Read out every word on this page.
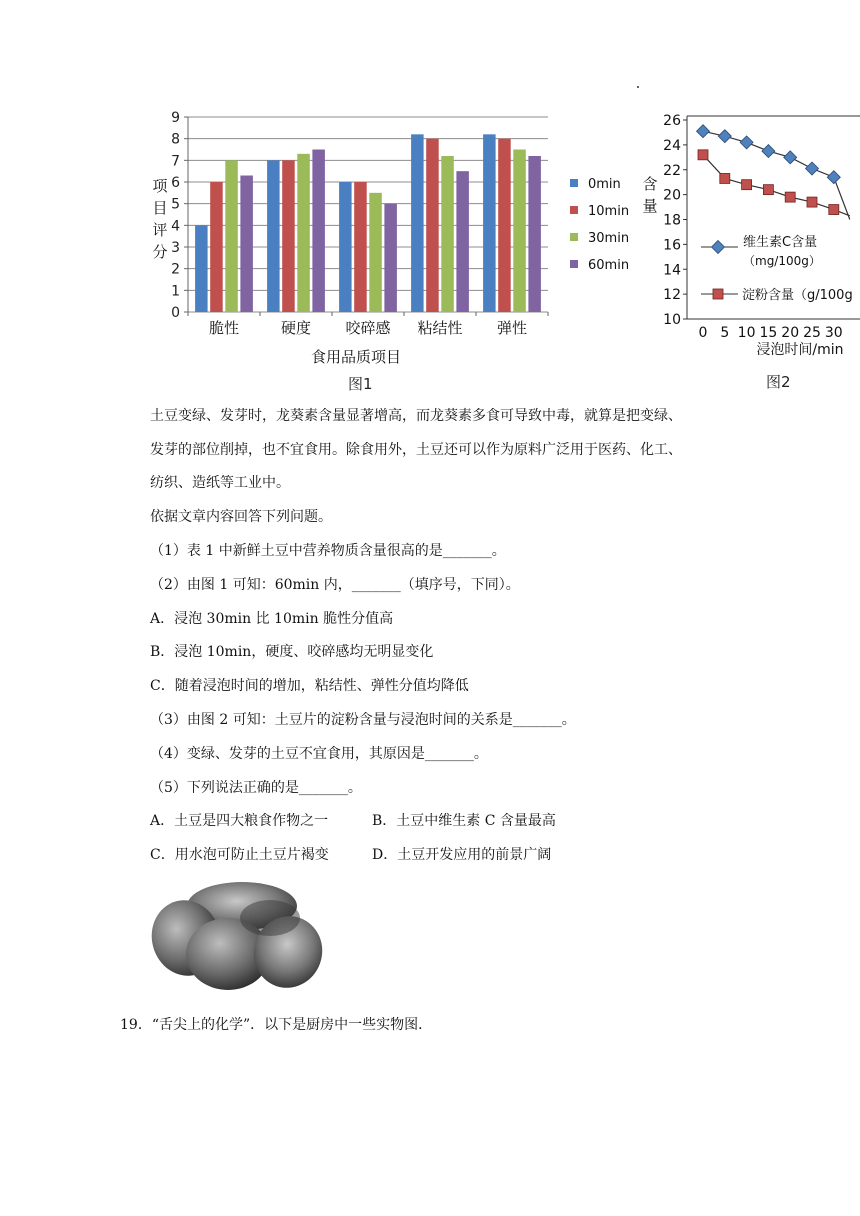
0
1
2
3
4
5
6
7
8
9
项
目
评
分
脆性	硬度 咬碎感 粘结性 弹性
食用品质项目
0min
10min
30min
60min
图1
10
12
14
16
18
20
22
24
26
含
量
0 5 10 15 20 25 30
浸泡时间/min
维生素C含量
（mg/100g）
淀粉含量（g/100g
图2
土豆变绿、发芽时，龙葵素含量显著增高，而龙葵素多食可导致中毒，就算是把变绿、
发芽的部位削掉，也不宜食用。除食用外，土豆还可以作为原料广泛用于医药、化工、
纺织、造纸等工业中。
依据文章内容回答下列问题。
（1）表 1 中新鲜土豆中营养物质含量很高的是_______。
（2）由图 1 可知：60min 内，_______（填序号，下同）。
A．浸泡 30min 比 10min 脆性分值高
B．浸泡 10min，硬度、咬碎感均无明显变化
C．随着浸泡时间的增加，粘结性、弹性分值均降低
（3）由图 2 可知：土豆片的淀粉含量与浸泡时间的关系是_______。
（4）变绿、发芽的土豆不宜食用，其原因是_______。
（5）下列说法正确的是_______。
A．土豆是四大粮食作物之一	B．土豆中维生素 C 含量最高
C．用水泡可防止土豆片褐变	D．土豆开发应用的前景广阔
19．“舌尖上的化学”．以下是厨房中一些实物图．
